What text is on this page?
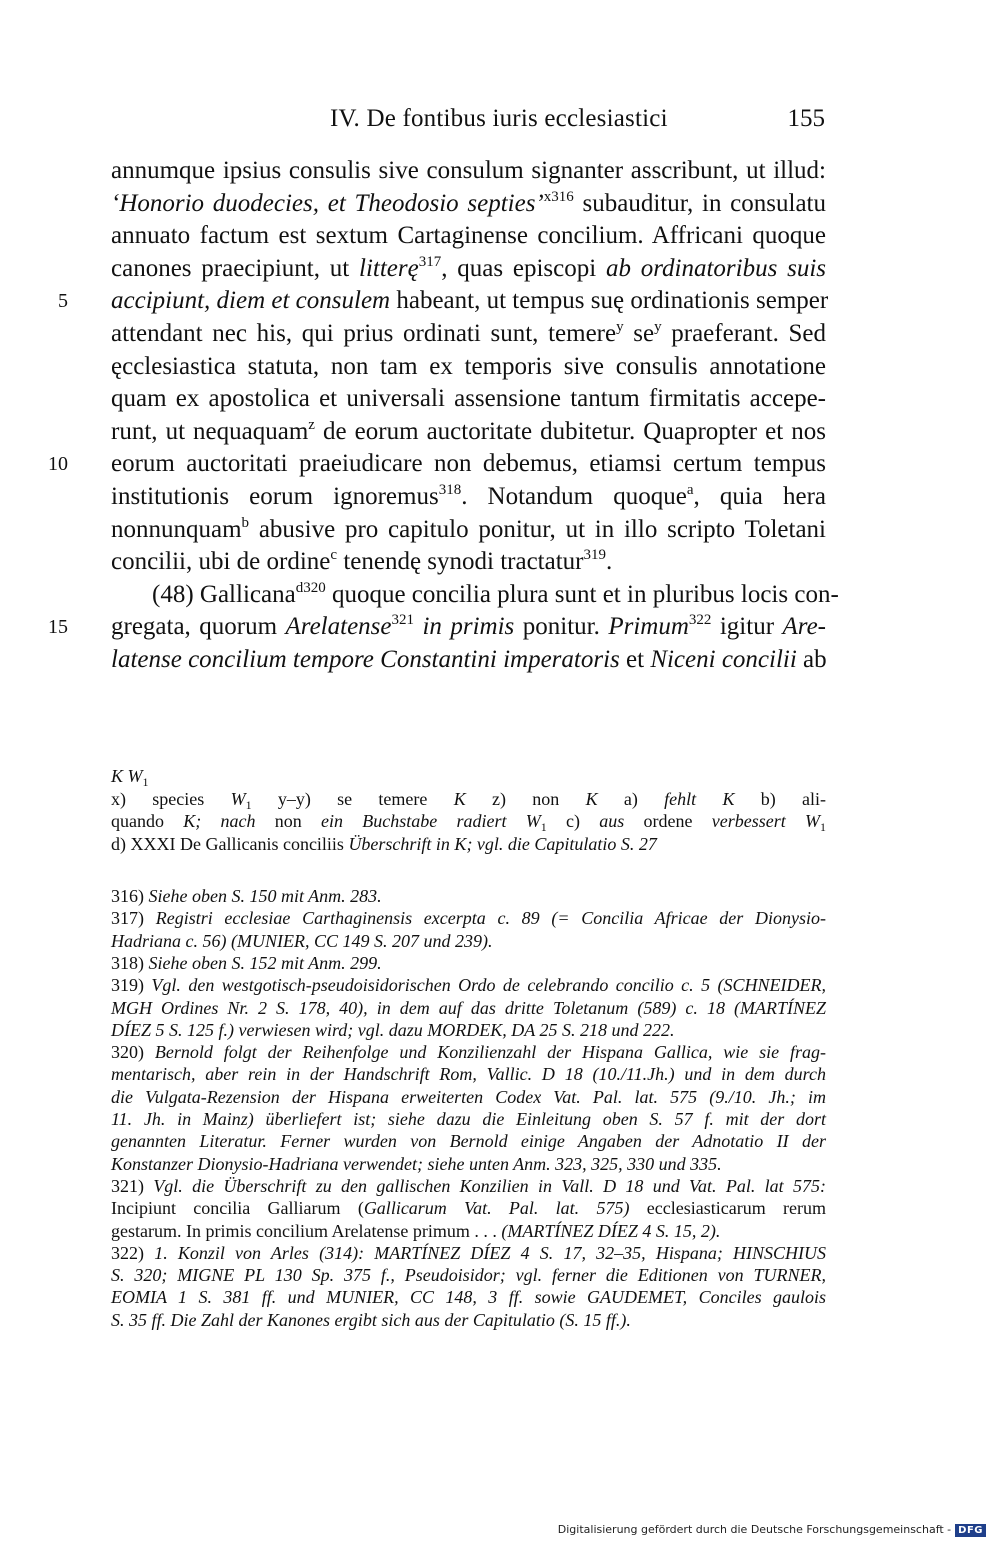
IV. De fontibus iuris ecclesiastici	155
annumque ipsius consulis sive consulum signanter asscribunt, ut illud:
‘Honorio duodecies, et Theodosio septies’$^{x316}$ subauditur, in consulatu
annuato factum est sextum Cartaginense concilium. Affricani quoque
canones praecipiunt, ut litterę$^{317}$, quas episcopi ab ordinatoribus suis
5 accipiunt, diem et consulem habeant, ut tempus suę ordinationis semper
attendant nec his, qui prius ordinati sunt, temere$^y$ $se^y$ praeferant. Sed
ęcclesiastica statuta, non tam ex temporis sive consulis annotatione
quam ex apostolica et universali assensione tantum firmitatis accepe-
runt, ut nequaquam$^z$ de eorum auctoritate dubitetur. Quapropter et nos
10 eorum auctoritati praeiudicare non debemus, etiamsi certum tempus
institutionis eorum ignoremus$^{318}$. Notandum quoque$^a$, quia hera
nonnunquam$^b$ abusive pro capitulo ponitur, ut in illo scripto Toletani
concilii, ubi de ordine$^c$ tenendę synodi tractatur$^{319}$.
(48) Gallicana$^{d320}$ quoque concilia plura sunt et in pluribus locis con-
15 gregata, quorum Arelatense$^{321}$ in primis ponitur. Primum$^{322}$ igitur Are-
latense concilium tempore Constantini imperatoris et Niceni concilii ab
K $W_1$
x) species $W_1$ y–y) se temere K z) non K a) fehlt K b) ali-
quando K; nach non ein Buchstabe radiert $W_1$ c) aus ordene verbessert $W_1$
d) XXXI De Gallicanis conciliis Überschrift in K; vgl. die Capitulatio S. 27
316) Siehe oben S. 150 mit Anm. 283.
317) Registri ecclesiae Carthaginensis excerpta c. 89 (= Concilia Africae der Dionysio-
Hadriana c. 56) (MUNIER, CC 149 S. 207 und 239).
318) Siehe oben S. 152 mit Anm. 299.
319) Vgl. den westgotisch-pseudoisidorischen Ordo de celebrando concilio c. 5 (SCHNEIDER,
MGH Ordines Nr. 2 S. 178, 40), in dem auf das dritte Toletanum (589) c. 18 (MARTÍNEZ
DÍEZ 5 S. 125 f.) verwiesen wird; vgl. dazu MORDEK, DA 25 S. 218 und 222.
320) Bernold folgt der Reihenfolge und Konzilienzahl der Hispana Gallica, wie sie frag-
mentarisch, aber rein in der Handschrift Rom, Vallic. D 18 (10./11.Jh.) und in dem durch
die Vulgata-Rezension der Hispana erweiterten Codex Vat. Pal. lat. 575 (9./10. Jh.; im
11. Jh. in Mainz) überliefert ist; siehe dazu die Einleitung oben S. 57 f. mit der dort
genannten Literatur. Ferner wurden von Bernold einige Angaben der Adnotatio II der
Konstanzer Dionysio-Hadriana verwendet; siehe unten Anm. 323, 325, 330 und 335.
321) Vgl. die Überschrift zu den gallischen Konzilien in Vall. D 18 und Vat. Pal. lat 575:
Incipiunt concilia Galliarum (Gallicarum Vat. Pal. lat. 575) ecclesiasticarum rerum
gestarum. In primis concilium Arelatense primum . . . (MARTÍNEZ DÍEZ 4 S. 15, 2).
322) 1. Konzil von Arles (314): MARTÍNEZ DÍEZ 4 S. 17, 32–35, Hispana; HINSCHIUS
S. 320; MIGNE PL 130 Sp. 375 f., Pseudoisidor; vgl. ferner die Editionen von TURNER,
EOMIA 1 S. 381 ff. und MUNIER, CC 148, 3 ff. sowie GAUDEMET, Conciles gaulois
S. 35 ff. Die Zahl der Kanones ergibt sich aus der Capitulatio (S. 15 ff.).
Digitalisierung gefördert durch die Deutsche Forschungsgemeinschaft - DFG
